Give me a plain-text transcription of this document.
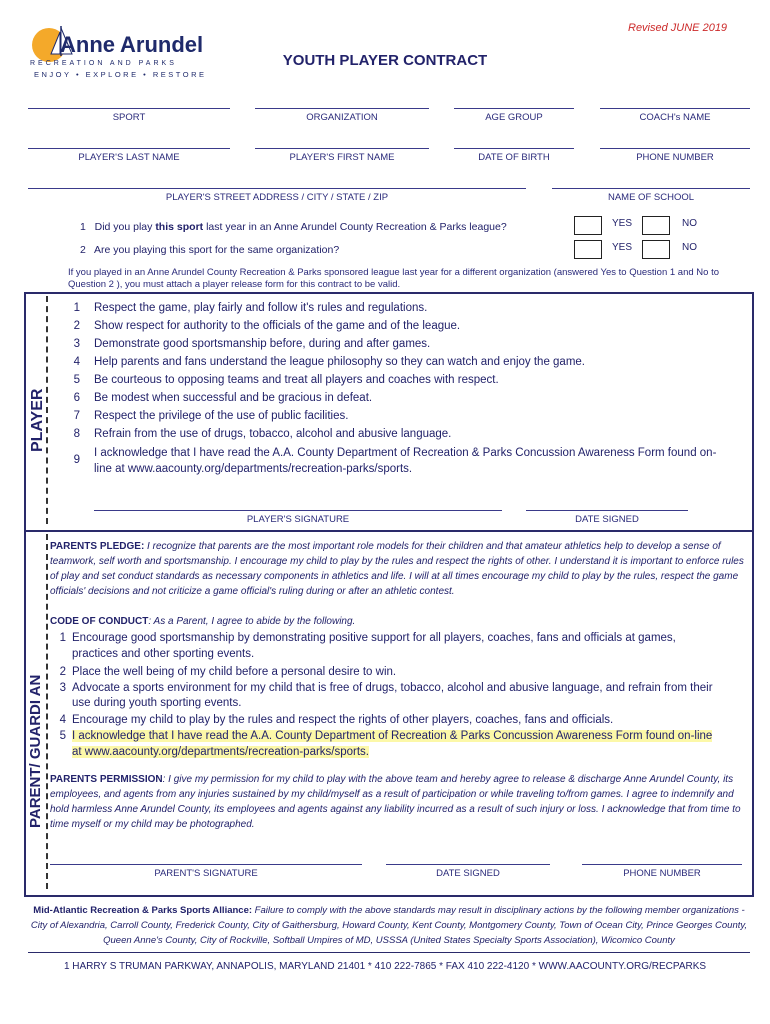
Revised JUNE 2019
Anne Arundel
RECREATION AND PARKS
ENJOY • EXPLORE • RESTORE
YOUTH PLAYER CONTRACT
SPORT	ORGANIZATION	AGE GROUP	COACH's NAME
PLAYER'S LAST NAME	PLAYER'S FIRST NAME	DATE OF BIRTH	PHONE NUMBER
PLAYER'S STREET ADDRESS / CITY / STATE / ZIP	NAME OF SCHOOL
1 Did you play this sport last year in an Anne Arundel County Recreation & Parks league?	YES	NO
2 Are you playing this sport for the same organization?	YES	NO
If you played in an Anne Arundel County Recreation & Parks sponsored league last year for a different organization (answered Yes to Question 1 and No to Question 2 ), you must attach a player release form for this contract to be valid.
PLAYER
1 Respect the game, play fairly and follow it's rules and regulations.
2 Show respect for authority to the officials of the game and of the league.
3 Demonstrate good sportsmanship before, during and after games.
4 Help parents and fans understand the league philosophy so they can watch and enjoy the game.
5 Be courteous to opposing teams and treat all players and coaches with respect.
6 Be modest when successful and be gracious in defeat.
7 Respect the privilege of the use of public facilities.
8 Refrain from the use of drugs, tobacco, alcohol and abusive language.
9
I acknowledge that I have read the A.A. County Department of Recreation & Parks Concussion Awareness Form found on-
line at www.aacounty.org/departments/recreation-parks/sports.
PLAYER'S SIGNATURE	DATE SIGNED
PARENT/ GUARDI AN
PARENTS PLEDGE: I recognize that parents are the most important role models for their children and that amateur athletics help to develop a sense of teamwork, self worth and sportsmanship. I encourage my child to play by the rules and respect the rights of other. I understand it is important to enforce rules of play and set conduct standards as necessary components in athletics and life. I will at all times encourage my child to play by the rules, respect the game officials' decisions and not criticize a game official's ruling during or after an athletic contest.
CODE OF CONDUCT: As a Parent, I agree to abide by the following.
1 Encourage good sportsmanship by demonstrating positive support for all players, coaches, fans and officials at games,
practices and other sporting events.
2 Place the well being of my child before a personal desire to win.
3 Advocate a sports environment for my child that is free of drugs, tobacco, alcohol and abusive language, and refrain from their
use during youth sporting events.
4 Encourage my child to play by the rules and respect the rights of other players, coaches, fans and officials.
5 I acknowledge that I have read the A.A. County Department of Recreation & Parks Concussion Awareness Form found on-line
at www.aacounty.org/departments/recreation-parks/sports.
PARENTS PERMISSION: I give my permission for my child to play with the above team and hereby agree to release & discharge Anne Arundel County, its employees, and agents from any injuries sustained by my child/myself as a result of participation or while traveling to/from games. I agree to indemnify and hold harmless Anne Arundel County, its employees and agents against any liability incurred as a result of such injury or loss. I acknowledge that from time to time myself or my child may be photographed.
PARENT'S SIGNATURE	DATE SIGNED	PHONE NUMBER
Mid-Atlantic Recreation & Parks Sports Alliance: Failure to comply with the above standards may result in disciplinary actions by the following member organizations - City of Alexandria, Carroll County, Frederick County, City of Gaithersburg, Howard County, Kent County, Montgomery County, Town of Ocean City, Prince Georges County, Queen Anne's County, City of Rockville, Softball Umpires of MD, USSSA (United States Specialty Sports Association), Wicomico County
1 HARRY S TRUMAN PARKWAY, ANNAPOLIS, MARYLAND 21401 * 410 222-7865 * FAX 410 222-4120 * WWW.AACOUNTY.ORG/RECPARKS
